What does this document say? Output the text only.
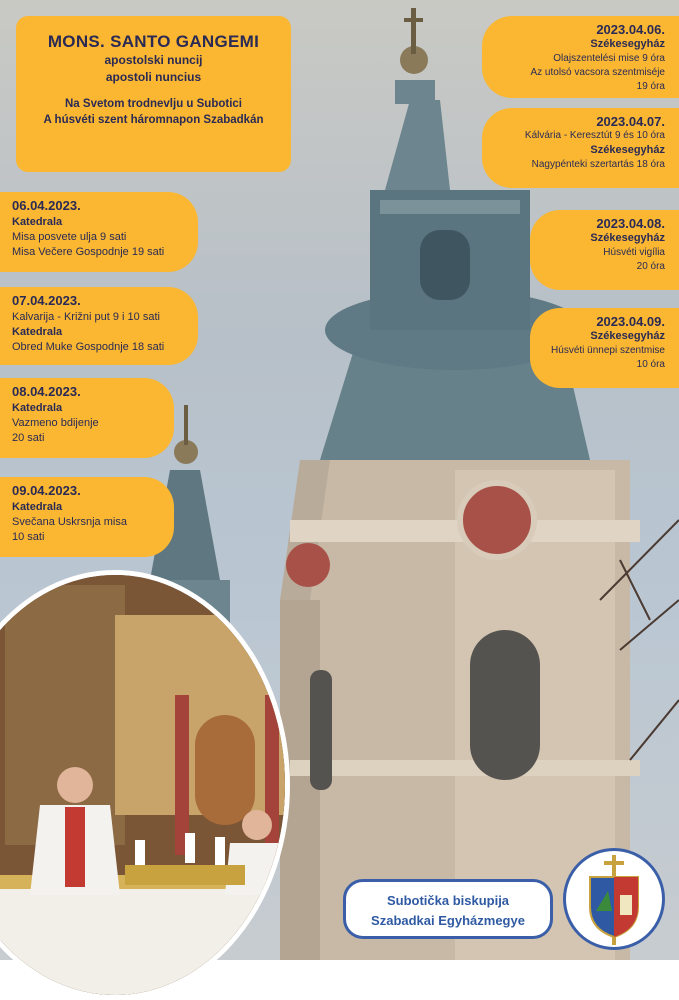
MONS. SANTO GANGEMI
apostolski nuncij
apostoli nuncius
Na Svetom trodnevlju u Subotici
A húsvéti szent háromnapon Szabadkán
06.04.2023.
Katedrala
Misa posvete ulja 9 sati
Misa Večere Gospodnje 19 sati
07.04.2023.
Kalvarija - Križni put 9 i 10 sati
Katedrala
Obred Muke Gospodnje 18 sati
08.04.2023.
Katedrala
Vazmeno bdijenje
20 sati
09.04.2023.
Katedrala
Svečana Uskrsnja misa
10 sati
2023.04.06.
Székesegyház
Olajszentelési mise 9 óra
Az utolsó vacsora szentmiséje
19 óra
2023.04.07.
Kálvária - Keresztút 9 és 10 óra
Székesegyház
Nagypénteki szertartás 18 óra
2023.04.08.
Székesegyház
Húsvéti vigília
20 óra
2023.04.09.
Székesegyház
Húsvéti ünnepi szentmise
10 óra
Subotička biskupija
Szabadkai Egyházmegye
